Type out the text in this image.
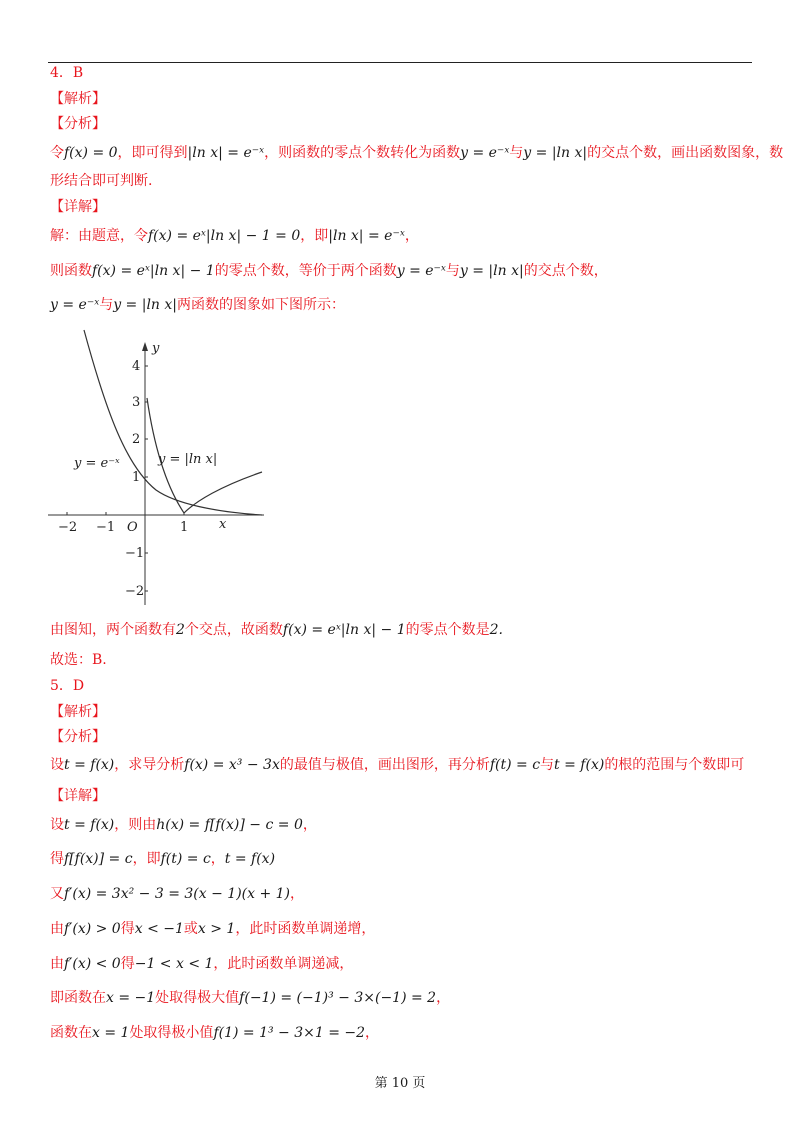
4．B
【解析】
【分析】
令f(x) = 0，即可得到|ln x| = e⁻ˣ，则函数的零点个数转化为函数y = e⁻ˣ与y = |ln x|的交点个数，画出函数图象，数
形结合即可判断.
【详解】
解：由题意，令f(x) = eˣ|ln x| − 1 = 0，即|ln x| = e⁻ˣ，
则函数f(x) = eˣ|ln x| − 1的零点个数，等价于两个函数y = e⁻ˣ与y = |ln x|的交点个数，
y = e⁻ˣ与y = |ln x|两函数的图象如下图所示：
y
x
O
−2 −1	1
4
3
2
1
−1
−2
y = e⁻ˣ	y = |ln x|
由图知，两个函数有2个交点，故函数f(x) = eˣ|ln x| − 1的零点个数是2.
故选：B.
5．D
【解析】
【分析】
设t = f(x)，求导分析f(x) = x³ − 3x的最值与极值，画出图形，再分析f(t) = c与t = f(x)的根的范围与个数即可
【详解】
设t = f(x)，则由h(x) = f[f(x)] − c = 0，
得f[f(x)] = c，即f(t) = c，t = f(x)
又f′(x) = 3x² − 3 = 3(x − 1)(x + 1)，
由f′(x) > 0得x < −1或x > 1，此时函数单调递增，
由f′(x) < 0得−1 < x < 1，此时函数单调递减，
即函数在x = −1处取得极大值f(−1) = (−1)³ − 3×(−1) = 2，
函数在x = 1处取得极小值f(1) = 1³ − 3×1 = −2，
第 10 页
